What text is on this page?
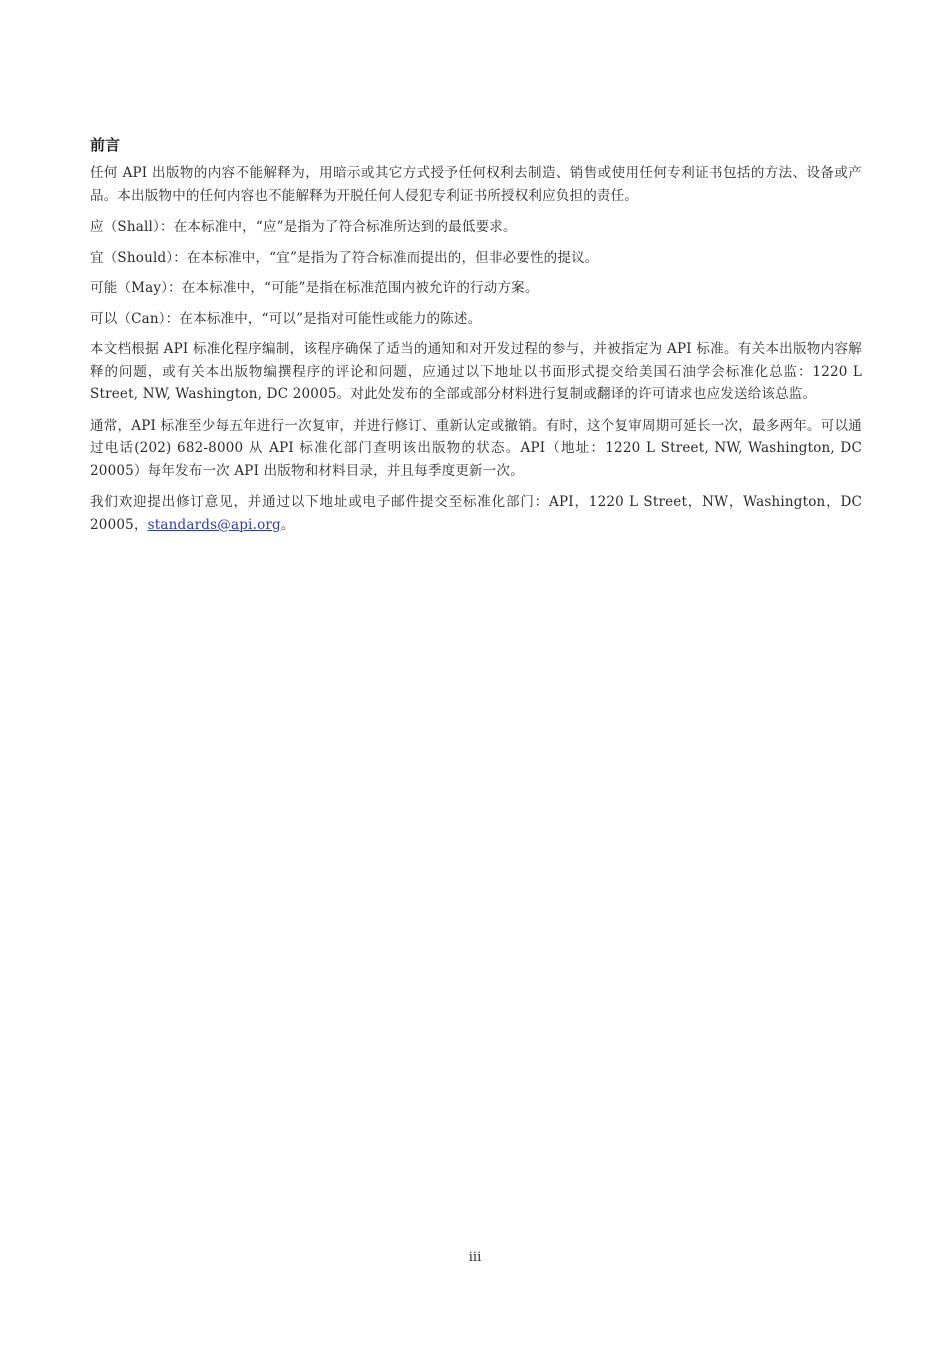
前言

任何 API 出版物的内容不能解释为，用暗示或其它方式授予任何权利去制造、销售或使用任何专利证书包括的方法、设备或产品。本出版物中的任何内容也不能解释为开脱任何人侵犯专利证书所授权利应负担的责任。

应（Shall）：在本标准中，“应”是指为了符合标准所达到的最低要求。

宜（Should）：在本标准中，“宜”是指为了符合标准而提出的，但非必要性的提议。

可能（May）：在本标准中，“可能”是指在标准范围内被允许的行动方案。

可以（Can）：在本标准中，“可以”是指对可能性或能力的陈述。

本文档根据 API 标准化程序编制，该程序确保了适当的通知和对开发过程的参与，并被指定为 API 标准。有关本出版物内容解释的问题，或有关本出版物编撰程序的评论和问题，应通过以下地址以书面形式提交给美国石油学会标准化总监：1220 L Street, NW, Washington, DC 20005。对此处发布的全部或部分材料进行复制或翻译的许可请求也应发送给该总监。

通常，API 标准至少每五年进行一次复审，并进行修订、重新认定或撤销。有时，这个复审周期可延长一次，最多两年。可以通过电话(202) 682-8000 从 API 标准化部门查明该出版物的状态。API（地址：1220 L Street, NW, Washington, DC 20005）每年发布一次 API 出版物和材料目录，并且每季度更新一次。

我们欢迎提出修订意见，并通过以下地址或电子邮件提交至标准化部门：API，1220 L Street，NW，Washington，DC 20005，standards@api.org。

iii
